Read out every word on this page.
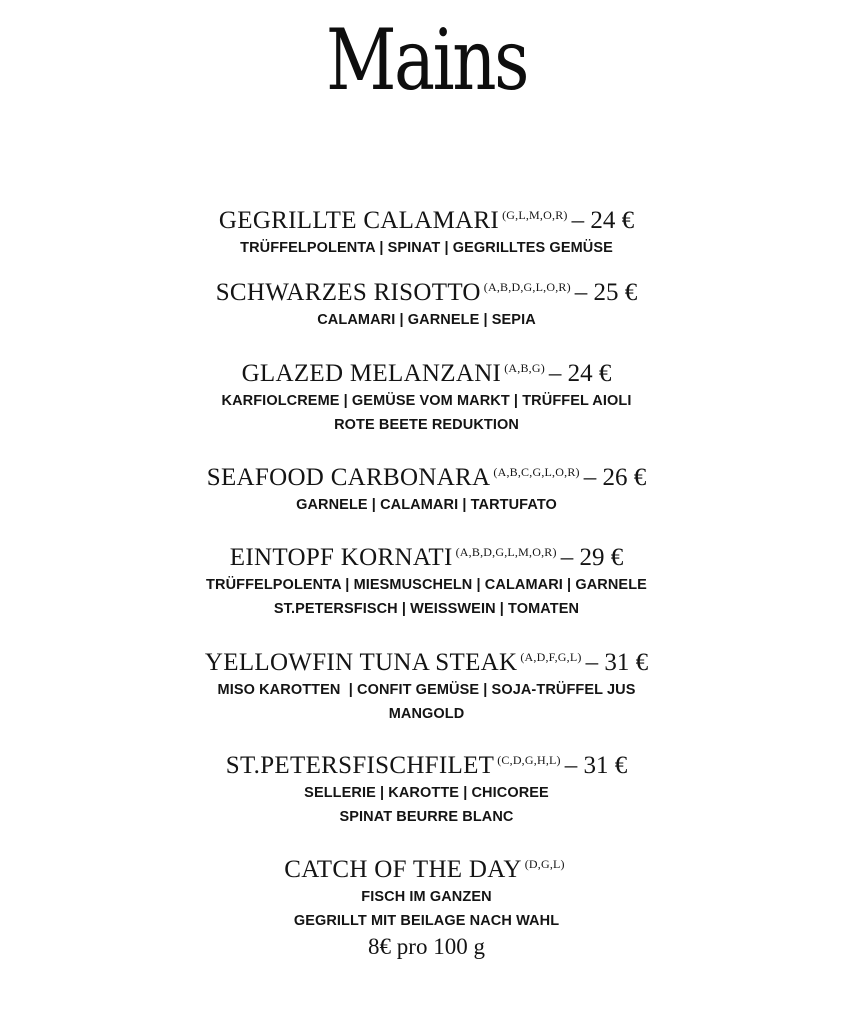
Mains
GEGRILLTE CALAMARI $^{(G,L,M,O,R)}$ – 24 €
TRÜFFELPOLENTA | SPINAT | GEGRILLTES GEMÜSE
SCHWARZES RISOTTO $^{(A,B,D,G,L,O,R)}$ – 25 €
CALAMARI | GARNELE | SEPIA
GLAZED MELANZANI $^{(A,B,G)}$ – 24 €
KARFIOLCREME | GEMÜSE VOM MARKT | TRÜFFEL AIOLI
ROTE BEETE REDUKTION
SEAFOOD CARBONARA $^{(A,B,C,G,L,O,R)}$ – 26 €
GARNELE | CALAMARI | TARTUFATO
EINTOPF KORNATI $^{(A,B,D,G,L,M,O,R)}$ – 29 €
TRÜFFELPOLENTA | MIESMUSCHELN | CALAMARI | GARNELE
ST.PETERSFISCH | WEISSWEIN | TOMATEN
YELLOWFIN TUNA STEAK $^{(A,D,F,G,L)}$ – 31 €
MISO KAROTTEN  | CONFIT GEMÜSE | SOJA-TRÜFFEL JUS
MANGOLD
ST.PETERSFISCHFILET $^{(C,D,G,H,L)}$ – 31 €
SELLERIE | KAROTTE | CHICOREE
SPINAT BEURRE BLANC
CATCH OF THE DAY $^{(D,G,L)}$
FISCH IM GANZEN
GEGRILLT MIT BEILAGE NACH WAHL
8€ pro 100 g
